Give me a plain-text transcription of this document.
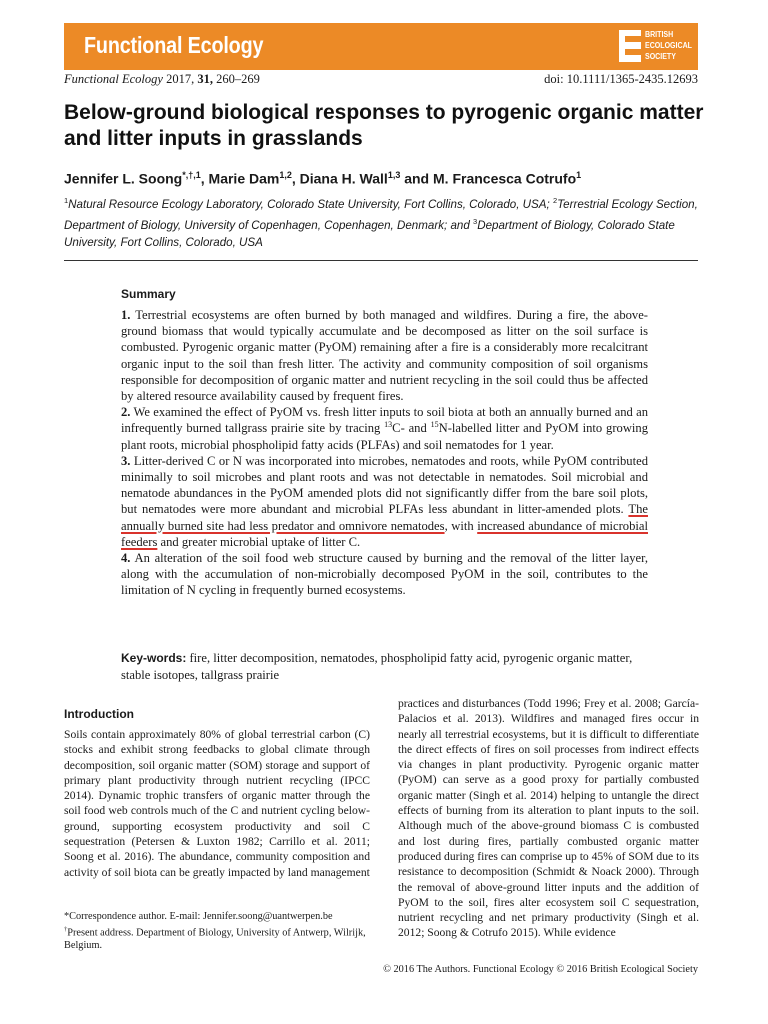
Functional Ecology	BRITISH
ECOLOGICAL
SOCIETY
Functional Ecology 2017, 31, 260–269	doi: 10.1111/1365-2435.12693
Below-ground biological responses to pyrogenic organic matter and litter inputs in grasslands
Jennifer L. Soong$^{*,\dagger,1}$, Marie Dam$^{1,2}$, Diana H. Wall$^{1,3}$ and M. Francesca Cotrufo$^1$
$^1$Natural Resource Ecology Laboratory, Colorado State University, Fort Collins, Colorado, USA; $^2$Terrestrial Ecology Section, Department of Biology, University of Copenhagen, Copenhagen, Denmark; and $^3$Department of Biology, Colorado State University, Fort Collins, Colorado, USA
Summary

1. Terrestrial ecosystems are often burned by both managed and wildfires. During a fire, the above-ground biomass that would typically accumulate and be decomposed as litter on the soil surface is combusted. Pyrogenic organic matter (PyOM) remaining after a fire is a considerably more recalcitrant organic input to the soil than fresh litter. The activity and community composition of soil organisms responsible for decomposition of organic matter and nutrient recycling in the soil could thus be affected by altered resource availability caused by frequent fires.

2. We examined the effect of PyOM vs. fresh litter inputs to soil biota at both an annually burned and an infrequently burned tallgrass prairie site by tracing $^{13}$C- and $^{15}$N-labelled litter and PyOM into growing plant roots, microbial phospholipid fatty acids (PLFAs) and soil nematodes for 1 year.

3. Litter-derived C or N was incorporated into microbes, nematodes and roots, while PyOM contributed minimally to soil microbes and plant roots and was not detectable in nematodes. Soil microbial and nematode abundances in the PyOM amended plots did not significantly differ from the bare soil plots, but nematodes were more abundant and microbial PLFAs less abundant in litter-amended plots. The annually burned site had less predator and omnivore nematodes, with increased abundance of microbial feeders and greater microbial uptake of litter C.

4. An alteration of the soil food web structure caused by burning and the removal of the litter layer, along with the accumulation of non-microbially decomposed PyOM in the soil, contributes to the limitation of N cycling in frequently burned ecosystems.

Key-words: fire, litter decomposition, nematodes, phospholipid fatty acid, pyrogenic organic matter, stable isotopes, tallgrass prairie
Introduction

Soils contain approximately 80% of global terrestrial carbon (C) stocks and exhibit strong feedbacks to global climate through decomposition, soil organic matter (SOM) storage and support of primary plant productivity through nutrient recycling (IPCC 2014). Dynamic trophic transfers of organic matter through the soil food web controls much of the C and nutrient cycling below-ground, supporting ecosystem productivity and soil C sequestration (Petersen & Luxton 1982; Carrillo et al. 2011; Soong et al. 2016). The abundance, community composition and activity of soil biota can be greatly impacted by land management

practices and disturbances (Todd 1996; Frey et al. 2008; García-Palacios et al. 2013). Wildfires and managed fires occur in nearly all terrestrial ecosystems, but it is difficult to differentiate the direct effects of fires on soil processes from indirect effects via changes in plant productivity. Pyrogenic organic matter (PyOM) can serve as a good proxy for partially combusted organic matter (Singh et al. 2014) helping to untangle the direct effects of burning from its alteration to plant inputs to the soil. Although much of the above-ground biomass C is combusted and lost during fires, partially combusted organic matter produced during fires can comprise up to 45% of SOM due to its resistance to decomposition (Schmidt & Noack 2000). Through the removal of above-ground litter inputs and the addition of PyOM to the soil, fires alter ecosystem soil C sequestration, nutrient recycling and net primary productivity (Singh et al. 2012; Soong & Cotrufo 2015). While evidence

*Correspondence author. E-mail: Jennifer.soong@uantwerpen.be

†Present address. Department of Biology, University of Antwerp, Wilrijk, Belgium.

© 2016 The Authors. Functional Ecology © 2016 British Ecological Society
